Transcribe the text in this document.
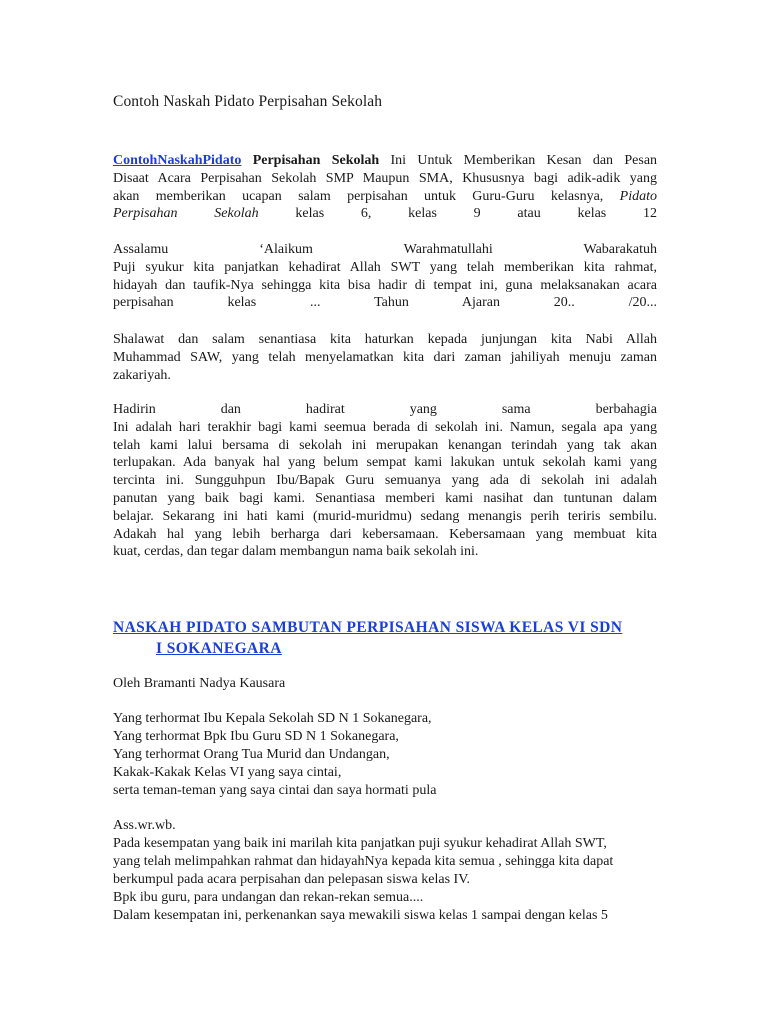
Contoh Naskah Pidato Perpisahan Sekolah
ContohNaskahPidato Perpisahan Sekolah Ini Untuk Memberikan Kesan dan Pesan
Disaat Acara Perpisahan Sekolah SMP Maupun SMA, Khususnya bagi adik-adik yang
akan memberikan ucapan salam perpisahan untuk Guru-Guru kelasnya, Pidato
Perpisahan Sekolah	kelas 6, kelas 9 atau kelas 12
Assalamu ‘Alaikum Warahmatullahi Wabarakatuh
Puji syukur kita panjatkan kehadirat Allah SWT yang telah memberikan kita rahmat,
hidayah dan taufik-Nya sehingga kita bisa hadir di tempat ini, guna melaksanakan acara
perpisahan kelas ... Tahun Ajaran 20.. /20...
Shalawat dan salam senantiasa kita haturkan kepada junjungan kita Nabi Allah
Muhammad SAW, yang telah menyelamatkan kita dari zaman jahiliyah menuju zaman
zakariyah.
Hadirin dan hadirat yang sama berbahagia
Ini adalah hari terakhir bagi kami seemua berada di sekolah ini. Namun, segala apa yang
telah kami lalui bersama di sekolah ini merupakan kenangan terindah yang tak akan
terlupakan. Ada banyak hal yang belum sempat kami lakukan untuk sekolah kami yang
tercinta ini. Sungguhpun Ibu/Bapak Guru semuanya yang ada di sekolah ini adalah
panutan yang baik bagi kami. Senantiasa memberi kami nasihat dan tuntunan dalam
belajar. Sekarang ini hati kami (murid-muridmu) sedang menangis perih teriris sembilu.
Adakah hal yang lebih berharga dari kebersamaan. Kebersamaan yang membuat kita
kuat, cerdas, dan tegar dalam membangun nama baik sekolah ini.
NASKAH PIDATO SAMBUTAN PERPISAHAN SISWA KELAS VI SDN
I SOKANEGARA

Oleh Bramanti Nadya Kausara

Yang terhormat Ibu Kepala Sekolah SD N 1 Sokanegara,
Yang terhormat Bpk Ibu Guru SD N 1 Sokanegara,
Yang terhormat Orang Tua Murid dan Undangan,
Kakak-Kakak Kelas VI yang saya cintai,
serta teman-teman yang saya cintai dan saya hormati pula
Ass.wr.wb.
Pada kesempatan yang baik ini marilah kita panjatkan puji syukur kehadirat Allah SWT,
yang telah melimpahkan rahmat dan hidayahNya kepada kita semua , sehingga kita dapat
berkumpul pada acara perpisahan dan pelepasan siswa kelas IV.
Bpk ibu guru, para undangan dan rekan-rekan semua....
Dalam kesempatan ini, perkenankan saya mewakili siswa kelas 1 sampai dengan kelas 5
